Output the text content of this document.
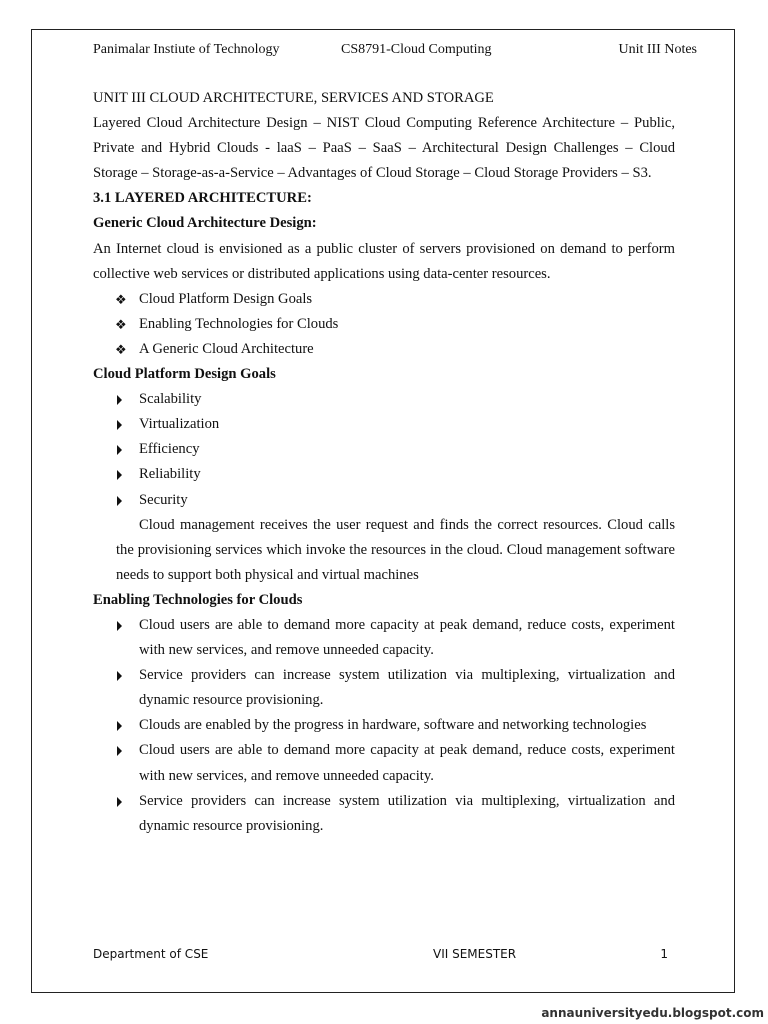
Panimalar Instiute of Technology	CS8791-Cloud Computing	Unit III Notes

UNIT III CLOUD ARCHITECTURE, SERVICES AND STORAGE

Layered Cloud Architecture Design – NIST Cloud Computing Reference Architecture – Public, Private and Hybrid Clouds - laaS – PaaS – SaaS – Architectural Design Challenges – Cloud Storage – Storage-as-a-Service – Advantages of Cloud Storage – Cloud Storage Providers – S3.

3.1 LAYERED ARCHITECTURE:

Generic Cloud Architecture Design:

An Internet cloud is envisioned as a public cluster of servers provisioned on demand to perform collective web services or distributed applications using data-center resources.

❖ Cloud Platform Design Goals
❖ Enabling Technologies for Clouds
❖ A Generic Cloud Architecture

Cloud Platform Design Goals

Scalability
Virtualization
Efficiency
Reliability
Security

Cloud management receives the user request and finds the correct resources. Cloud calls the provisioning services which invoke the resources in the cloud. Cloud management software needs to support both physical and virtual machines

Enabling Technologies for Clouds

Cloud users are able to demand more capacity at peak demand, reduce costs, experiment with new services, and remove unneeded capacity.
Service providers can increase system utilization via multiplexing, virtualization and dynamic resource provisioning.
Clouds are enabled by the progress in hardware, software and networking technologies
Cloud users are able to demand more capacity at peak demand, reduce costs, experiment with new services, and remove unneeded capacity.
Service providers can increase system utilization via multiplexing, virtualization and dynamic resource provisioning.
Department of CSE	VII SEMESTER	1
annauniversityedu.blogspot.com
